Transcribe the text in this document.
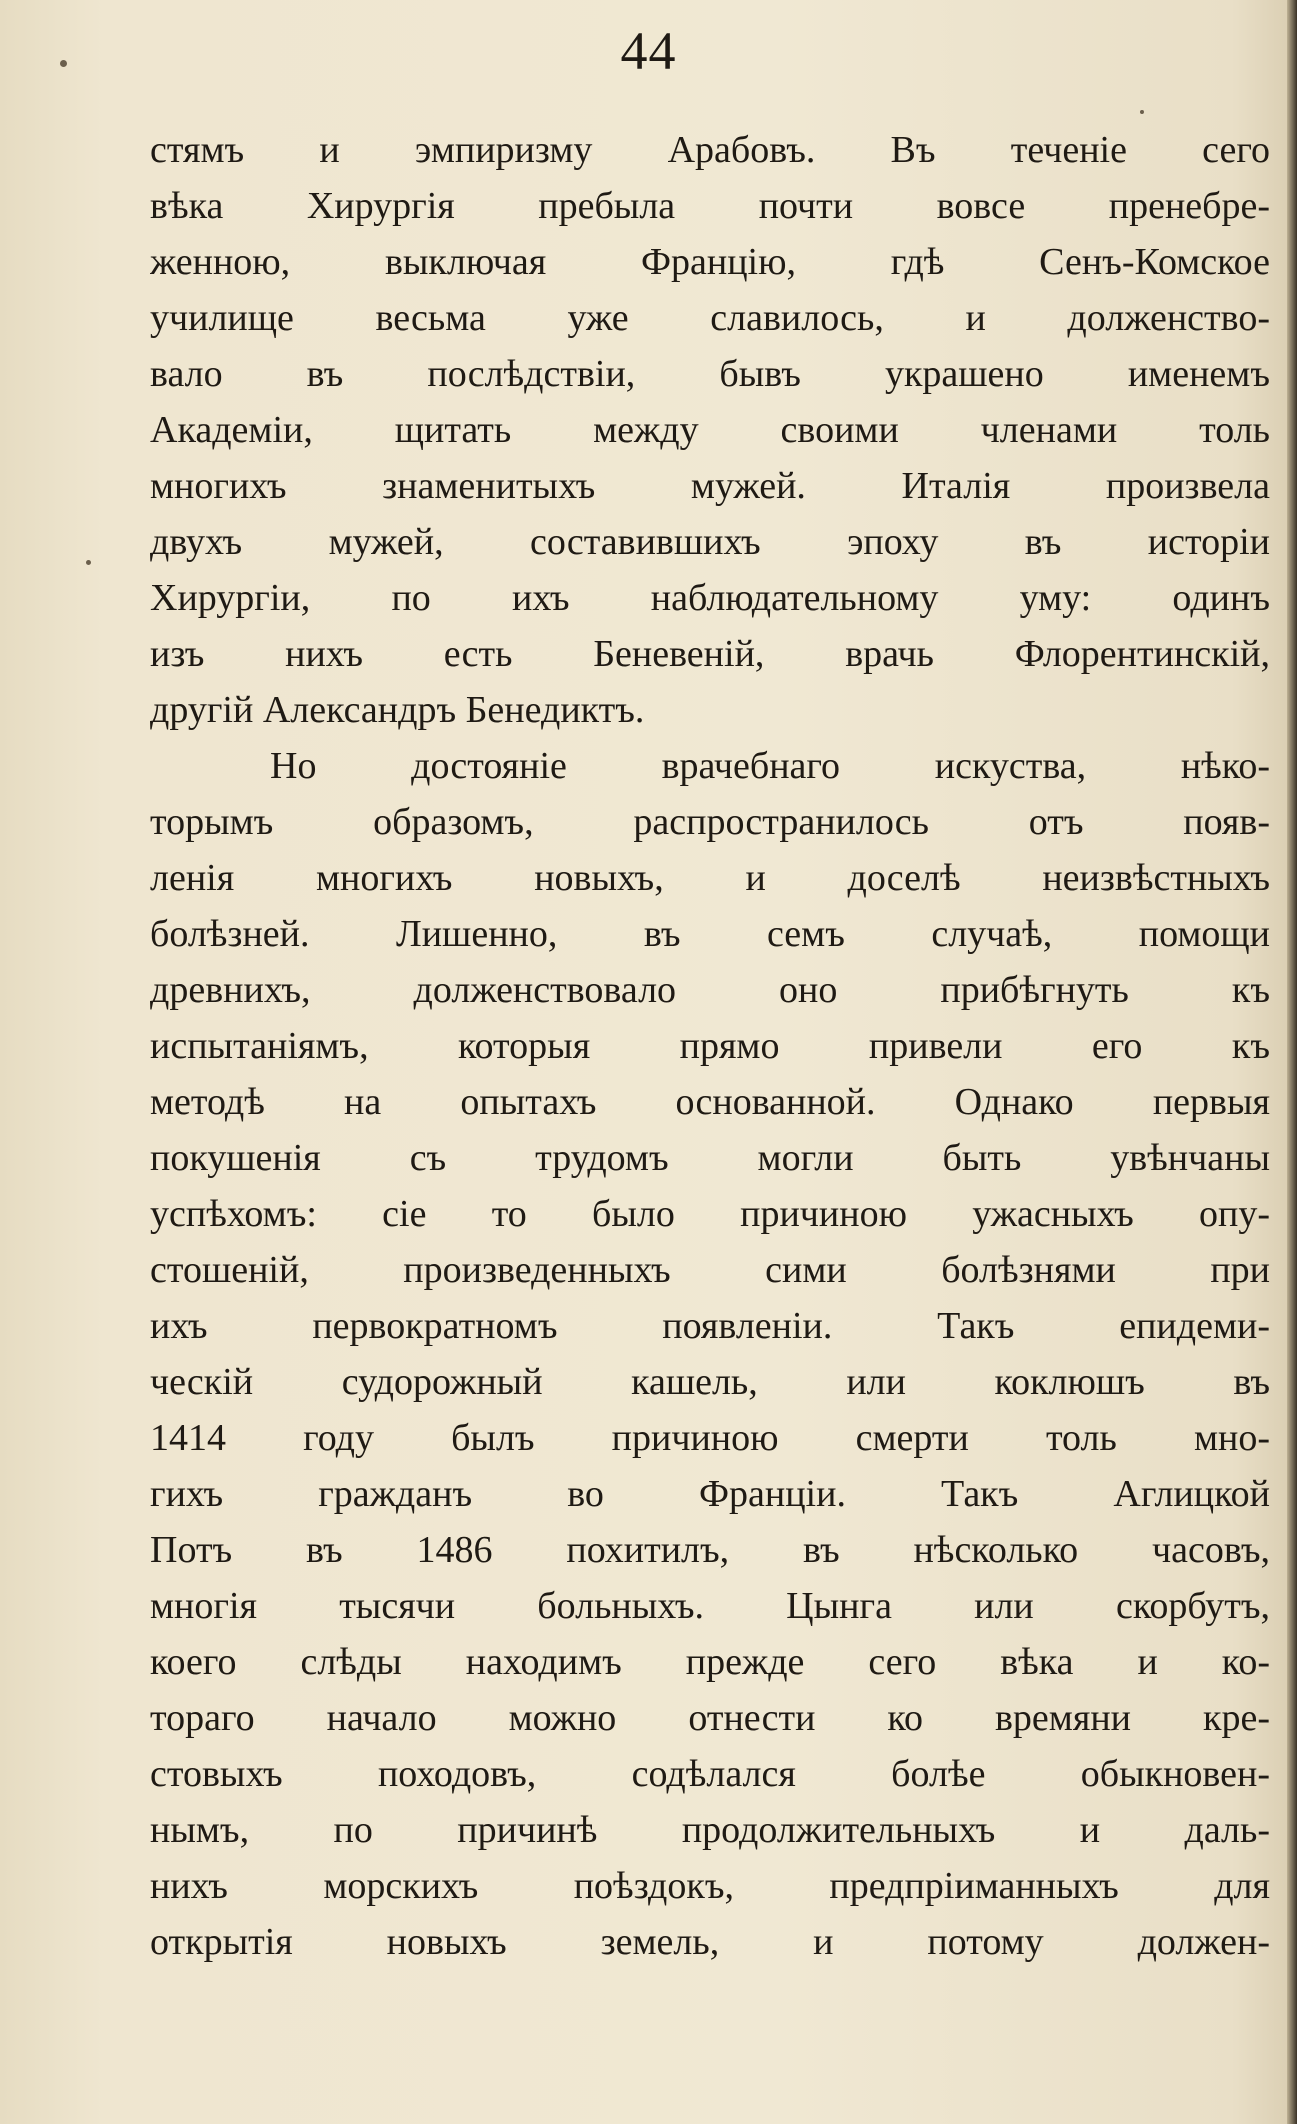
44
стямъ и эмпиризму Арабовъ. Въ теченіе сего
вѣка Хирургія пребыла почти вовсе пренебре-
женною, выключая Францію, гдѣ Сенъ-Комское
училище весьма уже славилось, и долженство-
вало въ послѣдствіи, бывъ украшено именемъ
Академіи, щитать между своими членами толь
многихъ знаменитыхъ мужей. Италія произвела
двухъ мужей, составившихъ эпоху въ исторіи
Хирургіи, по ихъ наблюдательному уму: одинъ
изъ нихъ есть Беневеній, врачь Флорентинскій,
другій Александръ Бенедиктъ.
Но достояніе врачебнаго искуства, нѣко-
торымъ образомъ, распространилось отъ появ-
ленія многихъ новыхъ, и доселѣ неизвѣстныхъ
болѣзней. Лишенно, въ семъ случаѣ, помощи
древнихъ, долженствовало оно прибѣгнуть къ
испытаніямъ, которыя прямо привели его къ
методѣ на опытахъ основанной. Однако первыя
покушенія съ трудомъ могли быть увѣнчаны
успѣхомъ: сіе то было причиною ужасныхъ опу-
стошеній, произведенныхъ сими болѣзнями при
ихъ первократномъ появленіи. Такъ епидеми-
ческій судорожный кашель, или коклюшъ въ
1414 году былъ причиною смерти толь мно-
гихъ гражданъ во Франціи. Такъ Аглицкой
Потъ въ 1486 похитилъ, въ нѣсколько часовъ,
многія тысячи больныхъ. Цынга или скорбутъ,
коего слѣды находимъ прежде сего вѣка и ко-
тораго начало можно отнести ко времяни кре-
стовыхъ походовъ, содѣлался болѣе обыкновен-
нымъ, по причинѣ продолжительныхъ и даль-
нихъ морскихъ поѣздокъ, предпріиманныхъ для
открытія новыхъ земель, и потому должен-
